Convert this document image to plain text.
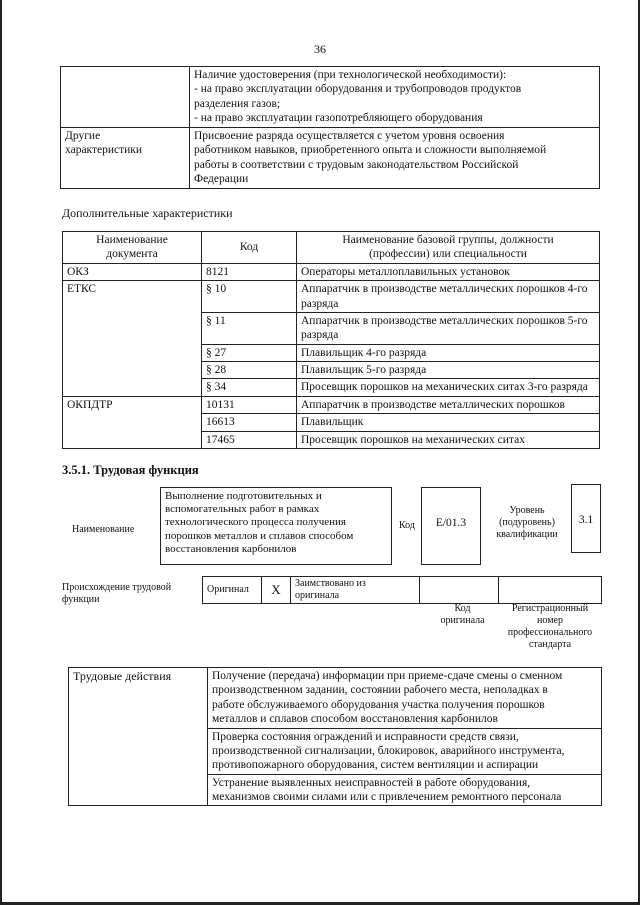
36

	Наличие удостоверения (при технологической необходимости):
- на право эксплуатации оборудования и трубопроводов продуктов
разделения газов;
- на право эксплуатации газопотребляющего оборудования

Другие
характеристики	Присвоение разряда осуществляется с учетом уровня освоения
работником навыков, приобретенного опыта и сложности выполняемой
работы в соответствии с трудовым законодательством Российской
Федерации
Дополнительные характеристики
Наименование
документа	Код	Наименование базовой группы, должности
(профессии) или специальности

ОКЗ	8121	Операторы металлоплавильных установок
ЕТКС	§ 10	Аппаратчик в производстве металлических порошков 4-го разряда
	§ 11	Аппаратчик в производстве металлических порошков 5-го разряда
	§ 27	Плавильщик 4-го разряда
	§ 28	Плавильщик 5-го разряда
	§ 34	Просевщик порошков на механических ситах 3-го разряда
ОКПДТР	10131	Аппаратчик в производстве металлических порошков
	16613	Плавильщик
	17465	Просевщик порошков на механических ситах
3.5.1. Трудовая функция
Наименование
Выполнение подготовительных и
вспомогательных работ в рамках
технологического процесса получения
порошков металлов и сплавов способом
восстановления карбонилов
Код	E/01.3
Уровень
(подуровень)
квалификации
3.1
Происхождение трудовой
функции
Оригинал	X	Заимствовано из
оригинала

Код
оригинала
Регистрационный
номер
профессионального
стандарта
Трудовые действия	Получение (передача) информации при приеме-сдаче смены о сменном
производственном задании, состоянии рабочего места, неполадках в
работе обслуживаемого оборудования участка получения порошков
металлов и сплавов способом восстановления карбонилов

Проверка состояния ограждений и исправности средств связи,
производственной сигнализации, блокировок, аварийного инструмента,
противопожарного оборудования, систем вентиляции и аспирации

Устранение выявленных неисправностей в работе оборудования,
механизмов своими силами или с привлечением ремонтного персонала
